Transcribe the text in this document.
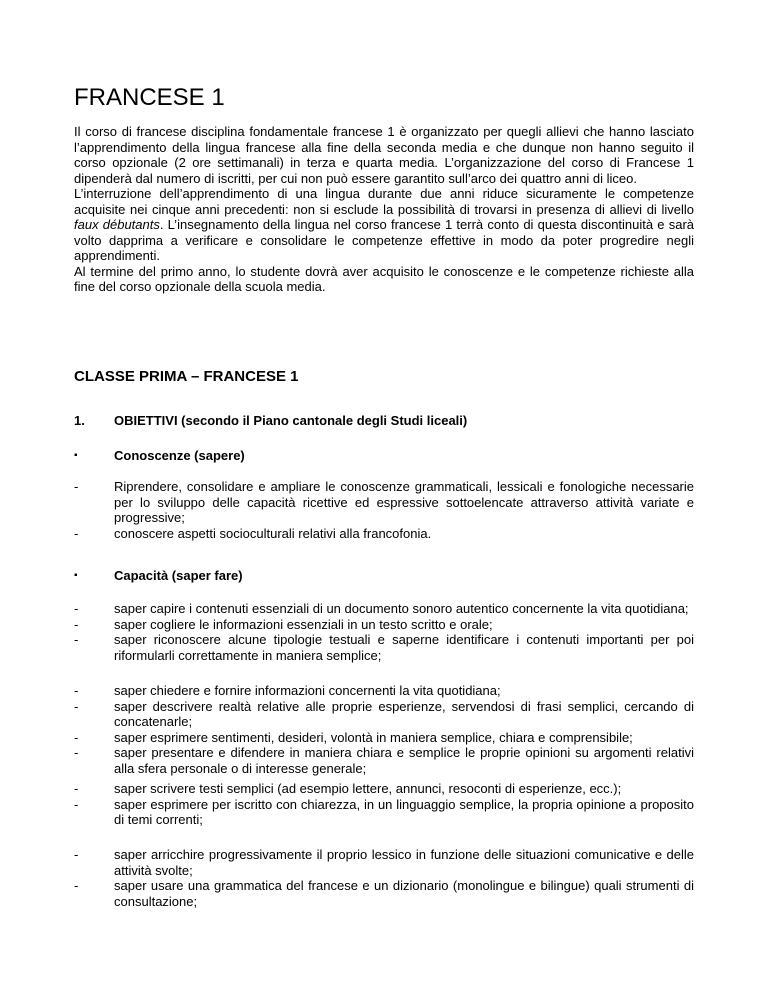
FRANCESE 1

Il corso di francese disciplina fondamentale francese 1 è organizzato per quegli allievi che hanno lasciato l’apprendimento della lingua francese alla fine della seconda media e che dunque non hanno seguito il corso opzionale (2 ore settimanali) in terza e quarta media. L’organizzazione del corso di Francese 1 dipenderà dal numero di iscritti, per cui non può essere garantito sull’arco dei quattro anni di liceo.

L’interruzione dell’apprendimento di una lingua durante due anni riduce sicuramente le competenze acquisite nei cinque anni precedenti: non si esclude la possibilità di trovarsi in presenza di allievi di livello faux débutants. L’insegnamento della lingua nel corso francese 1 terrà conto di questa discontinuità e sarà volto dapprima a verificare e consolidare le competenze effettive in modo da poter progredire negli apprendimenti.

Al termine del primo anno, lo studente dovrà aver acquisito le conoscenze e le competenze richieste alla fine del corso opzionale della scuola media.

CLASSE PRIMA – FRANCESE 1
1.	OBIETTIVI (secondo il Piano cantonale degli Studi liceali)
▪	Conoscenze (sapere)
-	Riprendere, consolidare e ampliare le conoscenze grammaticali, lessicali e fonologiche necessarie per lo sviluppo delle capacità ricettive ed espressive sottoelencate attraverso attività variate e progressive;
-	conoscere aspetti socioculturali relativi alla francofonia.
▪	Capacità (saper fare)
-	saper capire i contenuti essenziali di un documento sonoro autentico concernente la vita quotidiana;
-	saper cogliere le informazioni essenziali in un testo scritto e orale;
-	saper riconoscere alcune tipologie testuali e saperne identificare i contenuti importanti per poi riformularli correttamente in maniera semplice;
-	saper chiedere e fornire informazioni concernenti la vita quotidiana;
-	saper descrivere realtà relative alle proprie esperienze, servendosi di frasi semplici, cercando di concatenarle;
-	saper esprimere sentimenti, desideri, volontà in maniera semplice, chiara e comprensibile;
-	saper presentare e difendere in maniera chiara e semplice le proprie opinioni su argomenti relativi alla sfera personale o di interesse generale;
-	saper scrivere testi semplici (ad esempio lettere, annunci, resoconti di esperienze, ecc.);
-	saper esprimere per iscritto con chiarezza, in un linguaggio semplice, la propria opinione a proposito di temi correnti;
-	saper arricchire progressivamente il proprio lessico in funzione delle situazioni comunicative e delle attività svolte;
-	saper usare una grammatica del francese e un dizionario (monolingue e bilingue) quali strumenti di consultazione;
